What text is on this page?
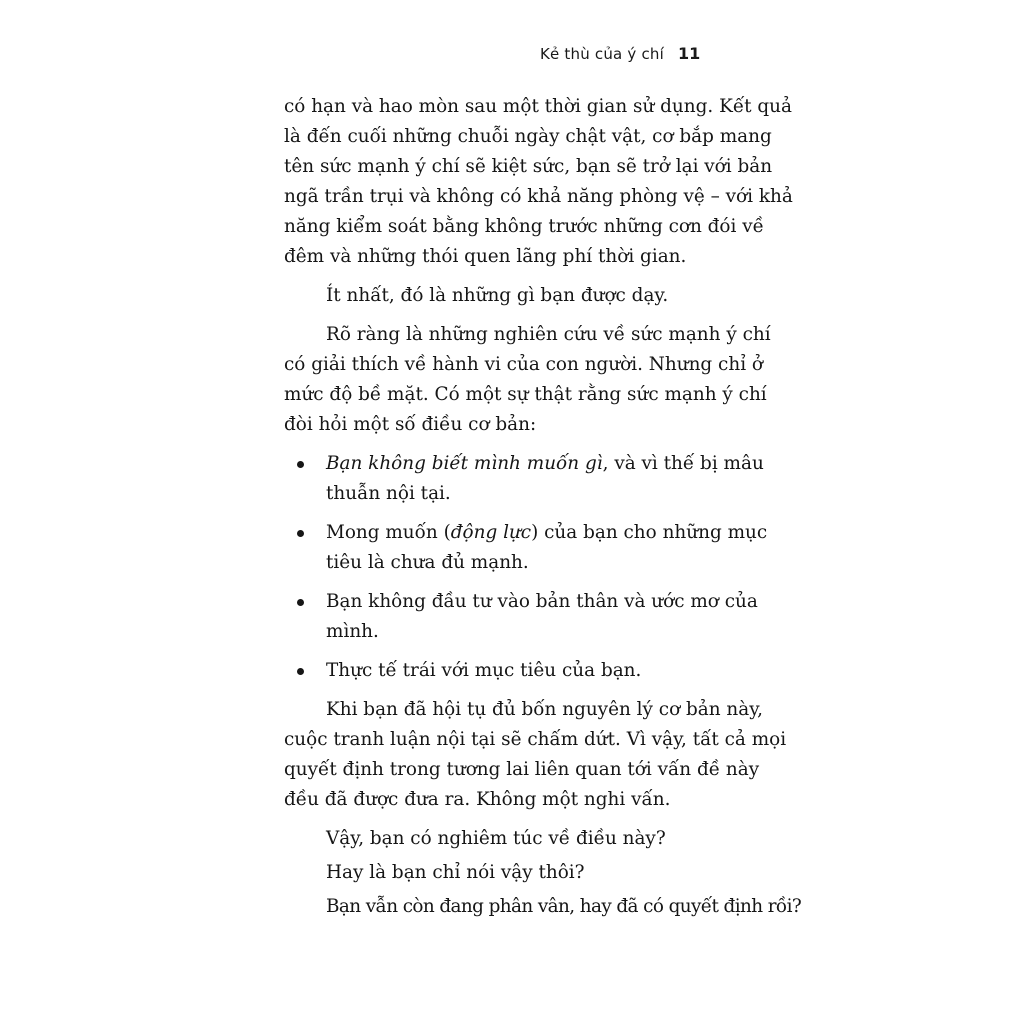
Kẻ thù của ý chí 11
có hạn và hao mòn sau một thời gian sử dụng. Kết quả
là đến cuối những chuỗi ngày chật vật, cơ bắp mang
tên sức mạnh ý chí sẽ kiệt sức, bạn sẽ trở lại với bản
ngã trần trụi và không có khả năng phòng vệ – với khả
năng kiểm soát bằng không trước những cơn đói về
đêm và những thói quen lãng phí thời gian.
Ít nhất, đó là những gì bạn được dạy.
Rõ ràng là những nghiên cứu về sức mạnh ý chí
có giải thích về hành vi của con người. Nhưng chỉ ở
mức độ bề mặt. Có một sự thật rằng sức mạnh ý chí
đòi hỏi một số điều cơ bản:
Bạn không biết mình muốn gì, và vì thế bị mâu
thuẫn nội tại.
Mong muốn (động lực) của bạn cho những mục
tiêu là chưa đủ mạnh.
Bạn không đầu tư vào bản thân và ước mơ của
mình.
Thực tế trái với mục tiêu của bạn.
Khi bạn đã hội tụ đủ bốn nguyên lý cơ bản này,
cuộc tranh luận nội tại sẽ chấm dứt. Vì vậy, tất cả mọi
quyết định trong tương lai liên quan tới vấn đề này
đều đã được đưa ra. Không một nghi vấn.
Vậy, bạn có nghiêm túc về điều này?
Hay là bạn chỉ nói vậy thôi?
Bạn vẫn còn đang phân vân, hay đã có quyết định rồi?
